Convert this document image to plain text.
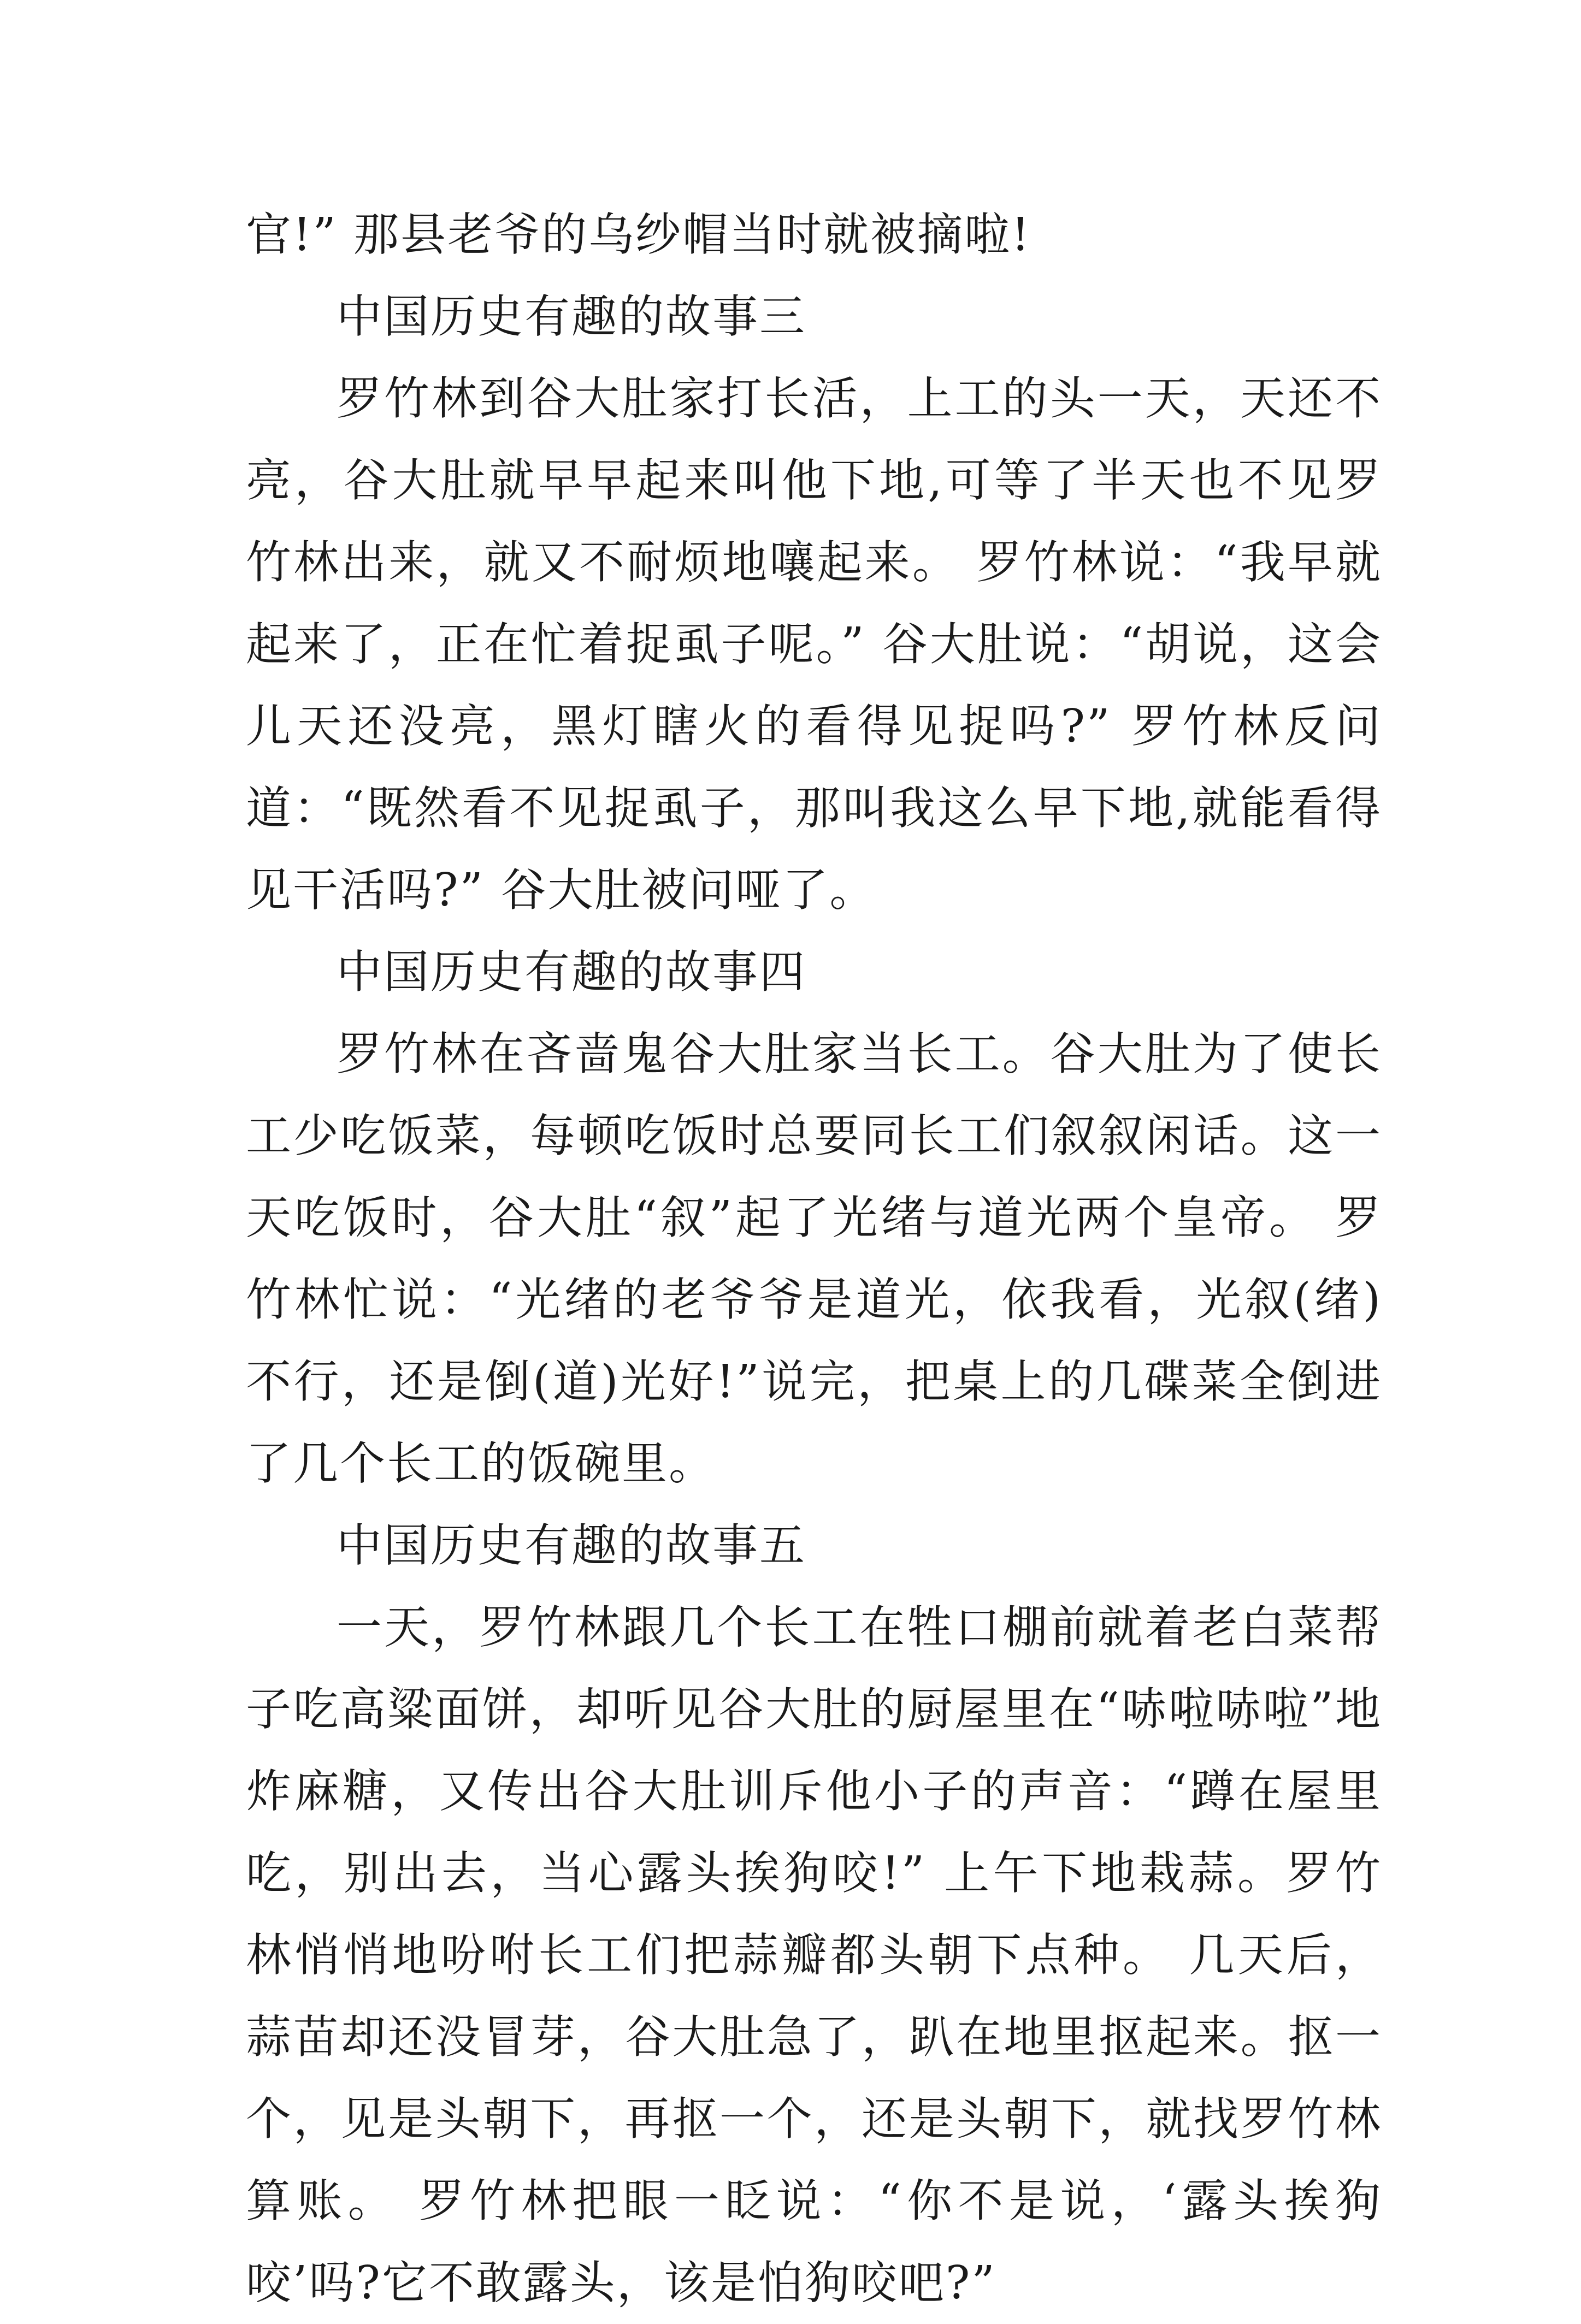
官!” 那县老爷的乌纱帽当时就被摘啦!

中国历史有趣的故事三

罗竹林到谷大肚家打长活，上工的头一天，天还不亮，谷大肚就早早起来叫他下地,可等了半天也不见罗竹林出来，就又不耐烦地嚷起来。 罗竹林说：“我早就起来了，正在忙着捉虱子呢。” 谷大肚说：“胡说，这会儿天还没亮，黑灯瞎火的看得见捉吗?” 罗竹林反问道：“既然看不见捉虱子，那叫我这么早下地,就能看得见干活吗?” 谷大肚被问哑了。

中国历史有趣的故事四

罗竹林在吝啬鬼谷大肚家当长工。谷大肚为了使长工少吃饭菜，每顿吃饭时总要同长工们叙叙闲话。这一天吃饭时，谷大肚“叙”起了光绪与道光两个皇帝。 罗竹林忙说：“光绪的老爷爷是道光，依我看，光叙(绪)不行，还是倒(道)光好!”说完，把桌上的几碟菜全倒进了几个长工的饭碗里。

中国历史有趣的故事五

一天，罗竹林跟几个长工在牲口棚前就着老白菜帮子吃高粱面饼，却听见谷大肚的厨屋里在“哧啦哧啦”地炸麻糖，又传出谷大肚训斥他小子的声音：“蹲在屋里吃，别出去，当心露头挨狗咬!” 上午下地栽蒜。罗竹林悄悄地吩咐长工们把蒜瓣都头朝下点种。 几天后，蒜苗却还没冒芽，谷大肚急了，趴在地里抠起来。抠一个，见是头朝下，再抠一个，还是头朝下，就找罗竹林算账。 罗竹林把眼一眨说：“你不是说，‘露头挨狗咬’吗?它不敢露头，该是怕狗咬吧?”
